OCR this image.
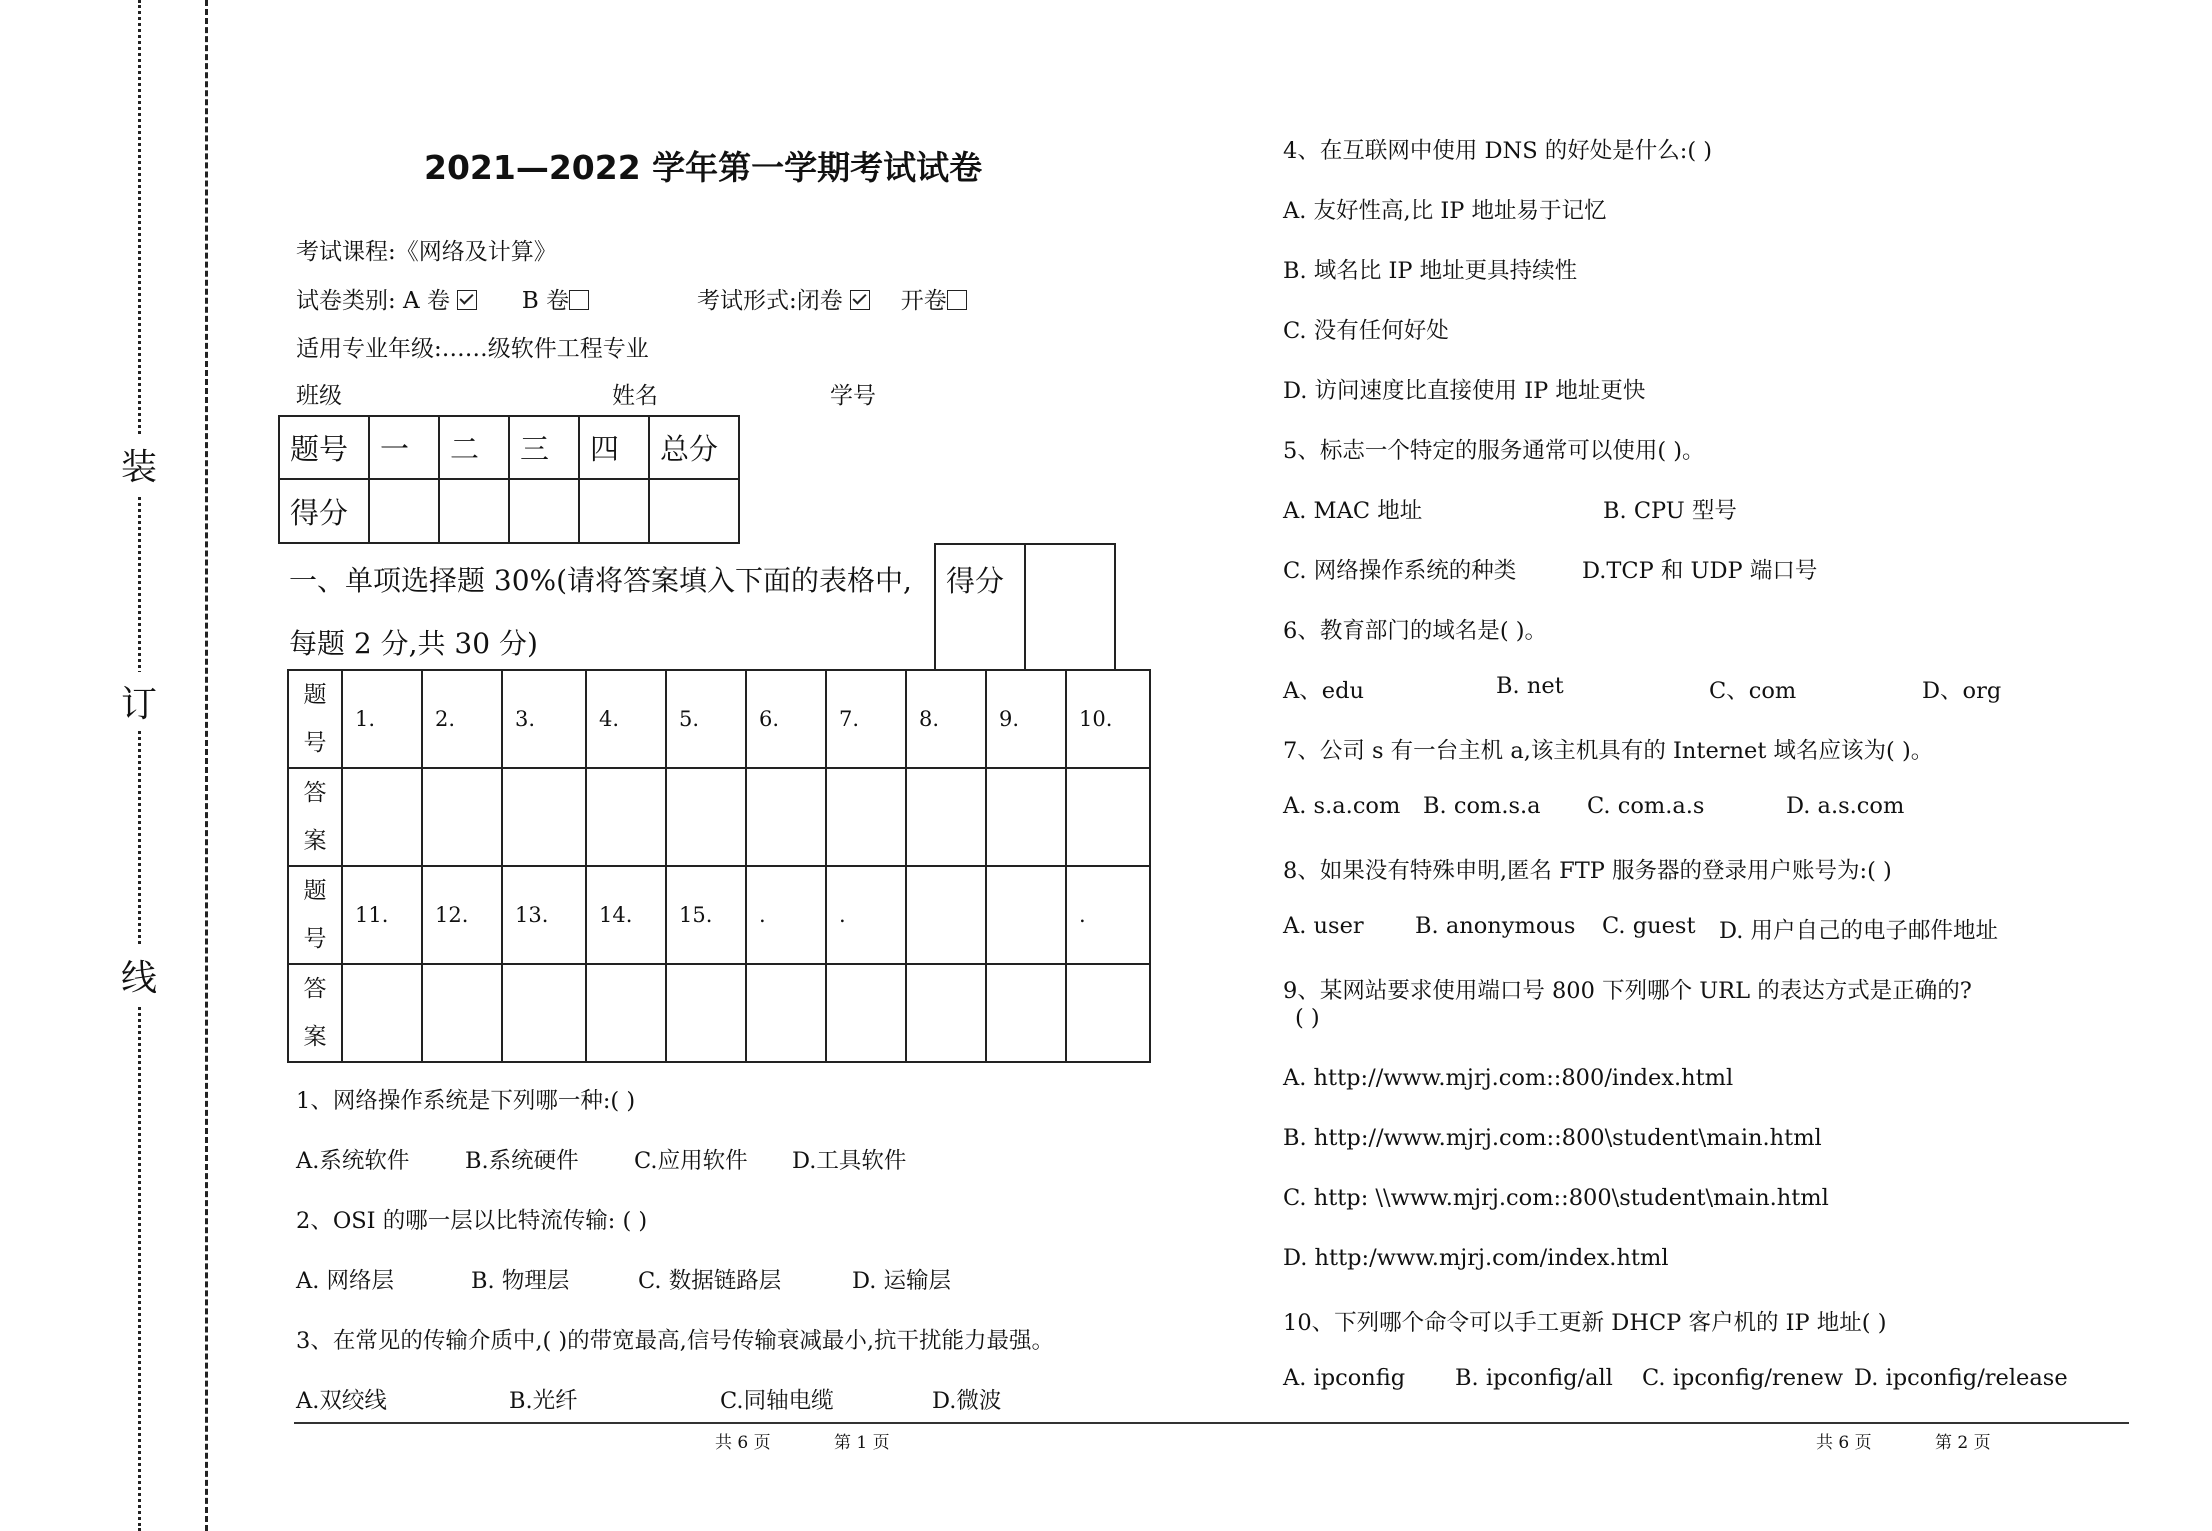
装
订
线
2021—2022 学年第一学期考试试卷
考试课程:《网络及计算》
试卷类别: A 卷	B 卷	考试形式:闭卷	开卷
适用专业年级:……级软件工程专业
班级	姓名	学号
题号	一	二	三	四	总分
得分					
一、单项选择题 30%(请将答案填入下面的表格中,
每题 2 分,共 30 分)
得分	
题
号	1.	2.	3.	4.	5.	6.	7.	8.	9.	10.
答
案										
题
号	11.	12.	13.	14.	15.	.	.			.
答
案										
1、网络操作系统是下列哪一种:( )
A.系统软件 B.系统硬件 C.应用软件 D.工具软件
2、OSI 的哪一层以比特流传输: ( )
A. 网络层	B. 物理层	C. 数据链路层	D. 运输层
3、在常见的传输介质中,( )的带宽最高,信号传输衰减最小,抗干扰能力最强。
A.双绞线	B.光纤	C.同轴电缆	D.微波
4、在互联网中使用 DNS 的好处是什么:( )
A. 友好性高,比 IP 地址易于记忆
B. 域名比 IP 地址更具持续性
C. 没有任何好处
D. 访问速度比直接使用 IP 地址更快
5、标志一个特定的服务通常可以使用( )。
A. MAC 地址	B. CPU 型号
C. 网络操作系统的种类	D.TCP 和 UDP 端口号
6、教育部门的域名是( )。
A、edu	B. net	C、com	D、org
7、公司 s 有一台主机 a,该主机具有的 Internet 域名应该为( )。
A. s.a.com B. com.s.a C. com.a.s	D. a.s.com
8、如果没有特殊申明,匿名 FTP 服务器的登录用户账号为:( )
A. user B. anonymous C. guest D. 用户自己的电子邮件地址
9、某网站要求使用端口号 800 下列哪个 URL 的表达方式是正确的?
( )
A. http://www.mjrj.com::800/index.html
B. http://www.mjrj.com::800\student\main.html
C. http: \\www.mjrj.com::800\student\main.html
D. http:/www.mjrj.com/index.html
10、下列哪个命令可以手工更新 DHCP 客户机的 IP 地址( )
A. ipconfig B. ipconfig/all C. ipconfig/renew D. ipconfig/release
共 6 页	第 1 页	共 6 页	第 2 页
